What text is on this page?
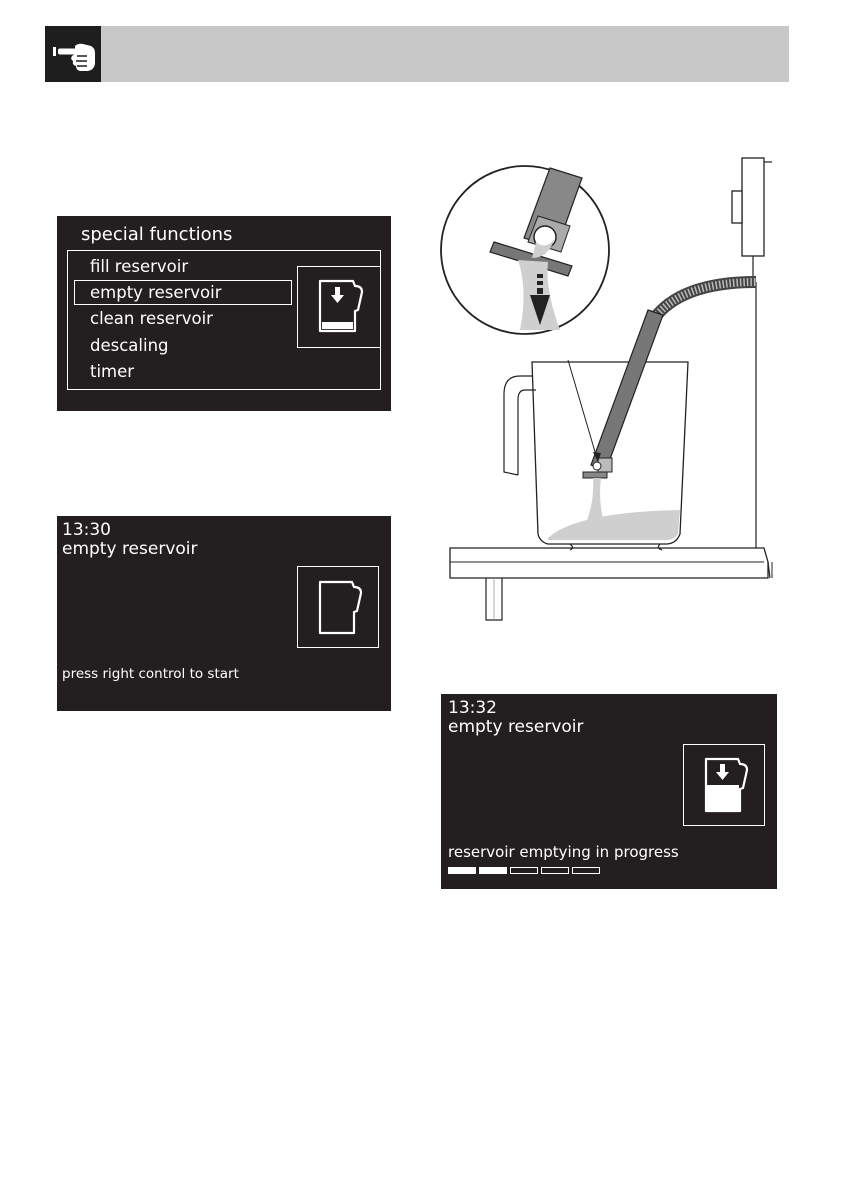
special functions
fill reservoir
empty reservoir
clean reservoir
descaling
timer
13:30
empty reservoir
press right control to start
13:32
empty reservoir
reservoir emptying in progress
